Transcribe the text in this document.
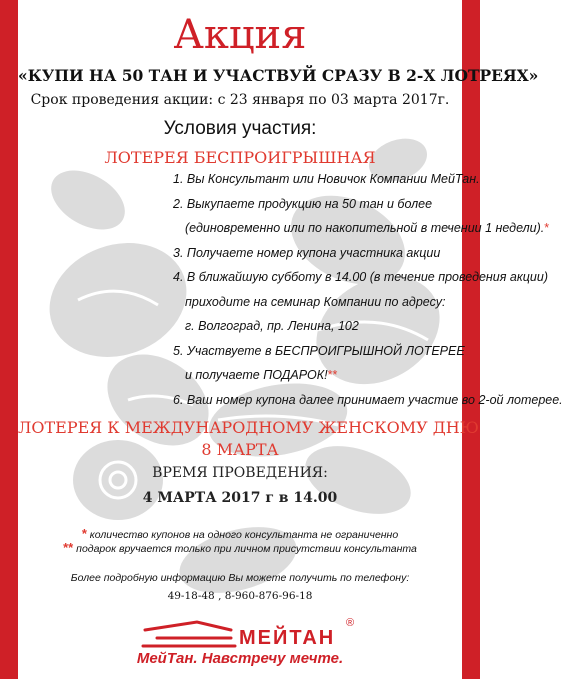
Акция
«КУПИ НА 50 ТАН И УЧАСТВУЙ СРАЗУ В 2-Х ЛОТРЕЯХ»
Срок проведения акции: с 23 января по 03 марта 2017г.
Условия участия:
ЛОТЕРЕЯ БЕСПРОИГРЫШНАЯ
1. Вы Консультант или Новичок Компании МейТан.
2. Выкупаете продукцию на 50 тан и более
(единовременно или по накопительной в течении 1 недели).*
3. Получаете номер купона участника акции
4. В ближайшую субботу в 14.00 (в течение проведения акции)
приходите на семинар Компании по адресу:
г. Волгоград, пр. Ленина, 102
5. Участвуете в БЕСПРОИГРЫШНОЙ ЛОТЕРЕЕ
и получаете ПОДАРОК!**
6. Ваш номер купона далее принимает участие во 2-ой лотерее.
ЛОТЕРЕЯ К МЕЖДУНАРОДНОМУ ЖЕНСКОМУ ДНЮ
8 МАРТА
ВРЕМЯ ПРОВЕДЕНИЯ:
4 МАРТА 2017 г в 14.00
* количество купонов на одного консультанта не ограниченно
** подарок вручается только при личном присутствии консультанта
Более подробную информацию Вы можете получить по телефону:
49-18-48 , 8-960-876-96-18
МЕЙТАН
®
МейТан. Навстречу мечте.
